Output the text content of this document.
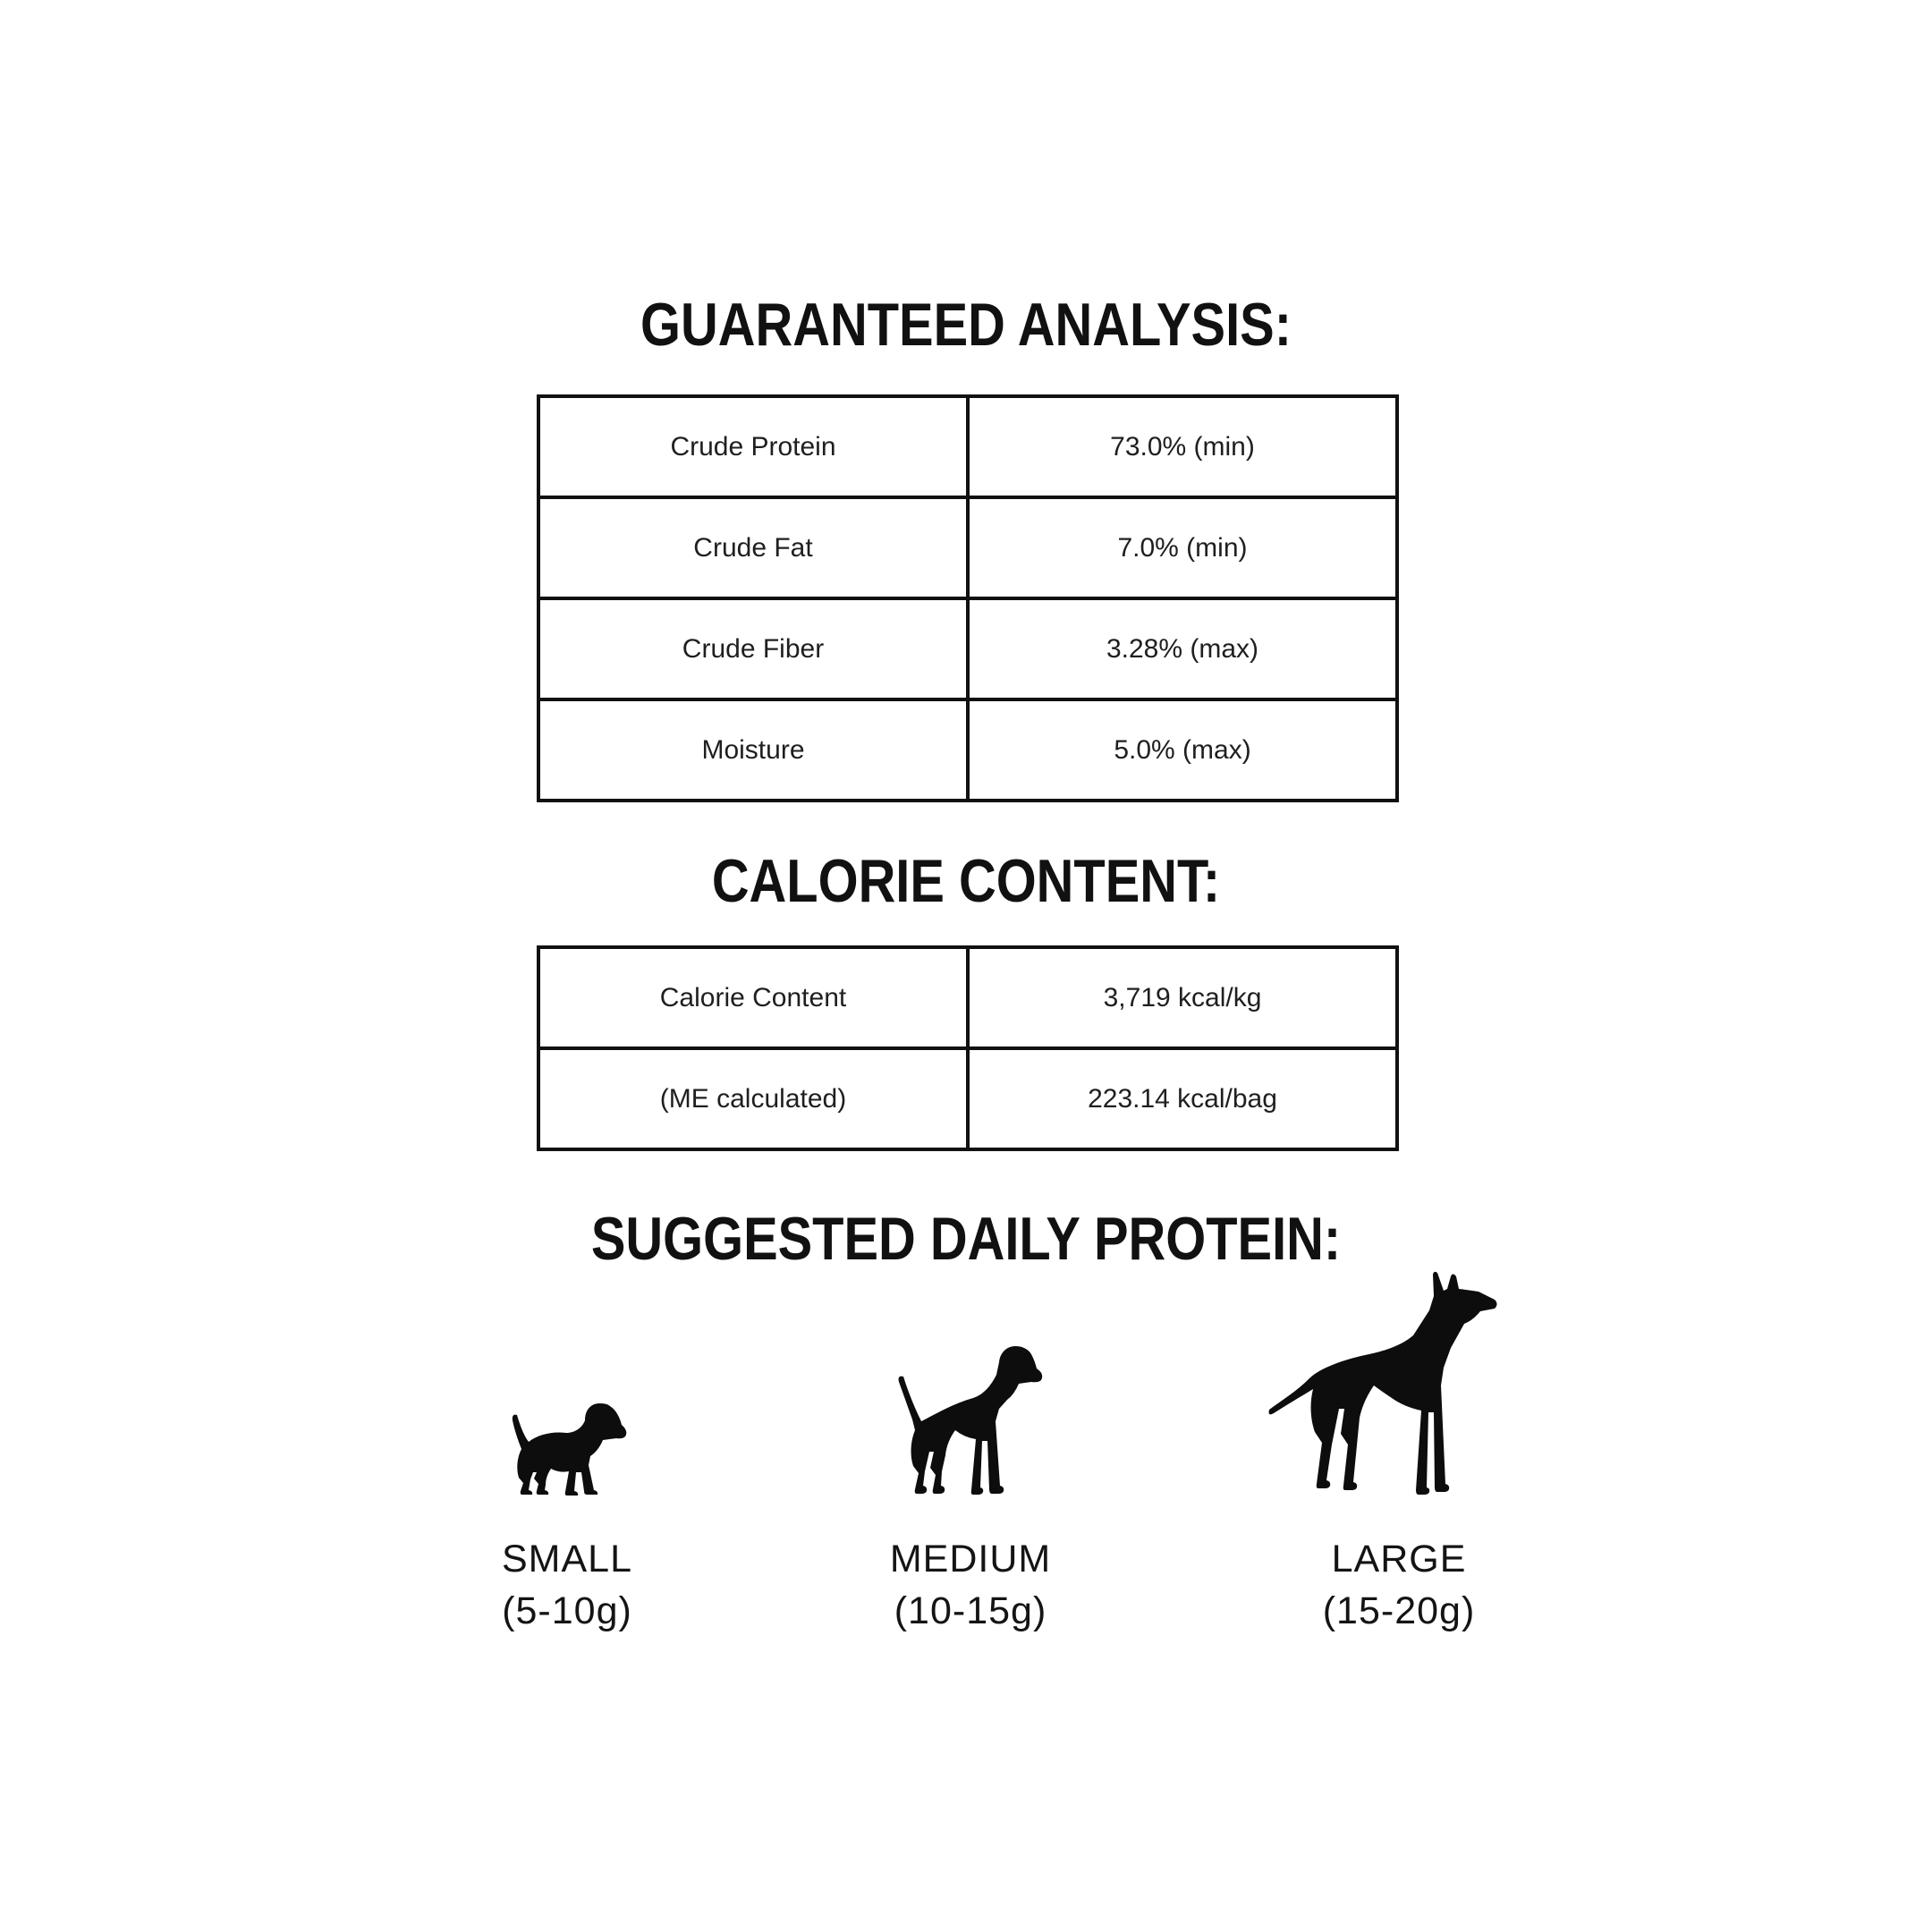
GUARANTEED ANALYSIS:
Crude Protein	73.0% (min)
Crude Fat	7.0% (min)
Crude Fiber	3.28% (max)
Moisture	5.0% (max)
CALORIE CONTENT:
Calorie Content	3,719 kcal/kg
(ME calculated)	223.14 kcal/bag
SUGGESTED DAILY PROTEIN:
SMALL
(5-10g)
MEDIUM
(10-15g)
LARGE
(15-20g)
